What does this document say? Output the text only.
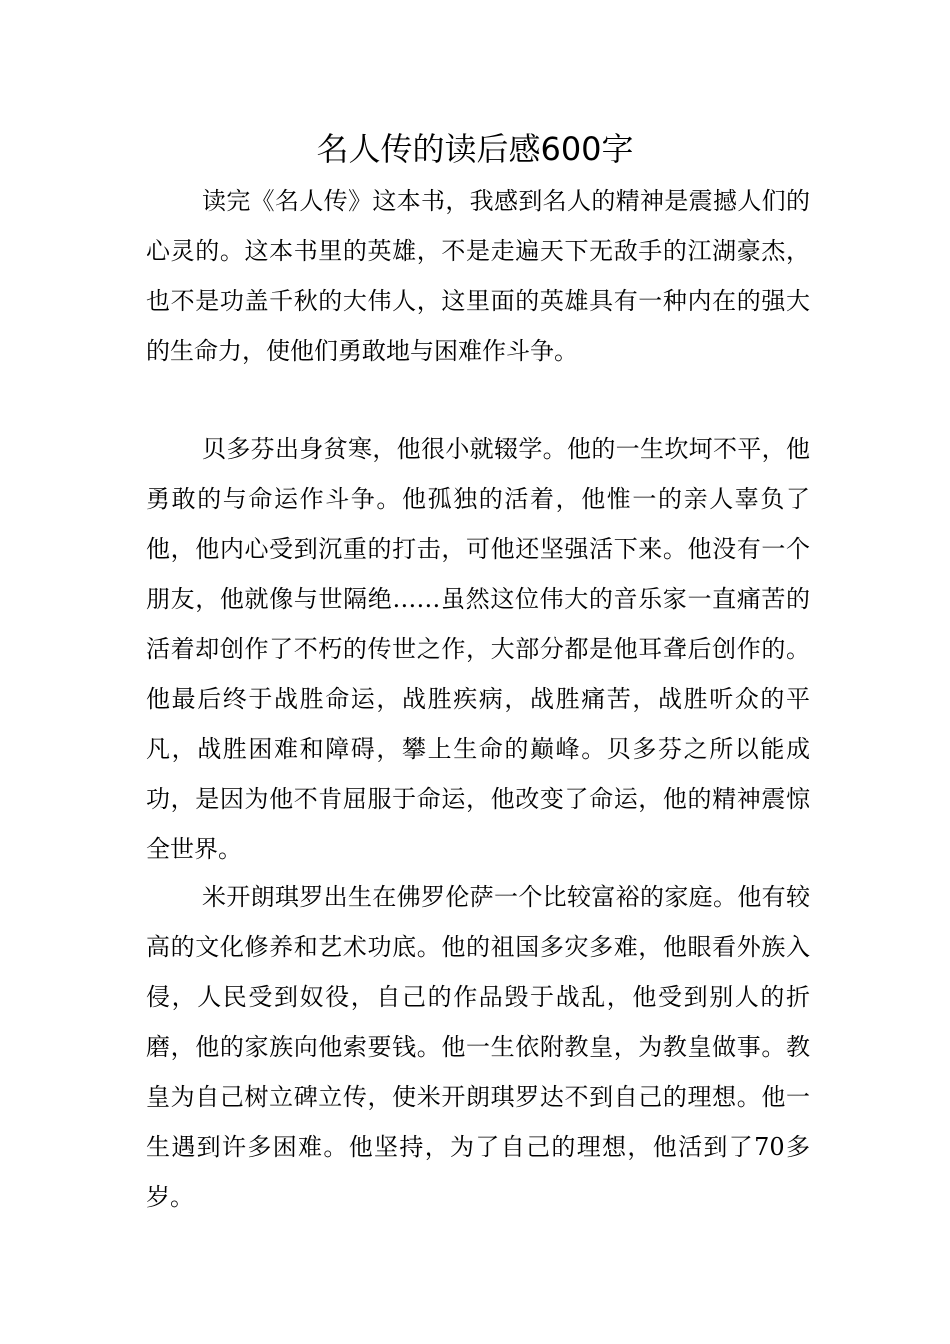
名人传的读后感600字

读完《名人传》这本书，我感到名人的精神是震撼人们的心灵的。这本书里的英雄，不是走遍天下无敌手的江湖豪杰，也不是功盖千秋的大伟人，这里面的英雄具有一种内在的强大的生命力，使他们勇敢地与困难作斗争。

贝多芬出身贫寒，他很小就辍学。他的一生坎坷不平，他勇敢的与命运作斗争。他孤独的活着，他惟一的亲人辜负了他，他内心受到沉重的打击，可他还坚强活下来。他没有一个朋友，他就像与世隔绝……虽然这位伟大的音乐家一直痛苦的活着却创作了不朽的传世之作，大部分都是他耳聋后创作的。他最后终于战胜命运，战胜疾病，战胜痛苦，战胜听众的平凡，战胜困难和障碍，攀上生命的巅峰。贝多芬之所以能成功，是因为他不肯屈服于命运，他改变了命运，他的精神震惊全世界。

米开朗琪罗出生在佛罗伦萨一个比较富裕的家庭。他有较高的文化修养和艺术功底。他的祖国多灾多难，他眼看外族入侵，人民受到奴役，自己的作品毁于战乱，他受到别人的折磨，他的家族向他索要钱。他一生依附教皇，为教皇做事。教皇为自己树立碑立传，使米开朗琪罗达不到自己的理想。他一生遇到许多困难。他坚持，为了自己的理想，他活到了70多岁。
